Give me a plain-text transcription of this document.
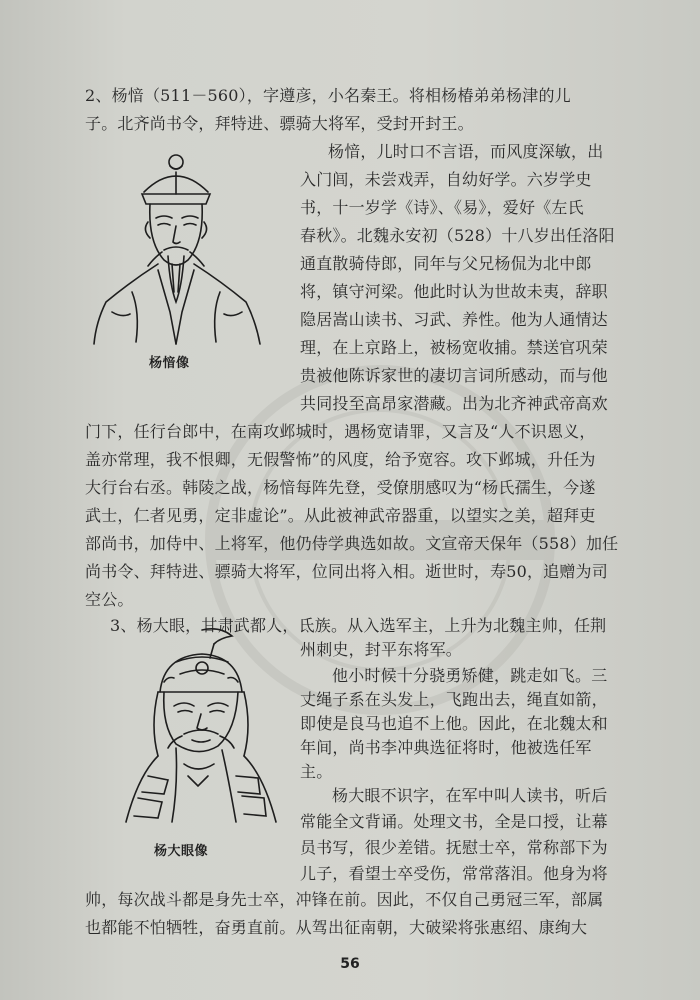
2、杨愔（511－560），字遵彦，小名秦王。将相杨椿弟弟杨津的儿

子。北齐尚书令，拜特进、骠骑大将军，受封开封王。

杨愔像

杨愔，儿时口不言语，而风度深敏，出

入门闾，未尝戏弄，自幼好学。六岁学史

书，十一岁学《诗》、《易》，爱好《左氏

春秋》。北魏永安初（528）十八岁出任洛阳

通直散骑侍郎，同年与父兄杨侃为北中郎

将，镇守河梁。他此时认为世故未夷，辞职

隐居嵩山读书、习武、养性。他为人通情达

理，在上京路上，被杨宽收捕。禁送官巩荣

贵被他陈诉家世的凄切言词所感动，而与他

共同投至高昂家潜藏。出为北齐神武帝高欢

门下，任行台郎中，在南攻邺城时，遇杨宽请罪，又言及“人不识恩义，

盖亦常理，我不恨卿，无假警怖”的风度，给予宽容。攻下邺城，升任为

大行台右丞。韩陵之战，杨愔每阵先登，受僚朋感叹为“杨氏孺生，今遂

武士，仁者见勇，定非虚论”。从此被神武帝器重，以望实之美，超拜吏

部尚书，加侍中、上将军，他仍侍学典选如故。文宣帝天保年（558）加任

尚书令、拜特进、骠骑大将军，位同出将入相。逝世时，寿50，追赠为司

空公。

3、杨大眼，甘肃武都人，氐族。从入选军主，上升为北魏主帅，任荆

州刺史，封平东将军。

杨大眼像

他小时候十分骁勇矫健，跳走如飞。三

丈绳子系在头发上，飞跑出去，绳直如箭，

即使是良马也追不上他。因此，在北魏太和

年间，尚书李冲典选征将时，他被选任军

主。

杨大眼不识字，在军中叫人读书，听后

常能全文背诵。处理文书，全是口授，让幕

员书写，很少差错。抚慰士卒，常称部下为

儿子，看望士卒受伤，常常落泪。他身为将

帅，每次战斗都是身先士卒，冲锋在前。因此，不仅自己勇冠三军，部属

也都能不怕牺牲，奋勇直前。从驾出征南朝，大破梁将张惠绍、康绚大

56
